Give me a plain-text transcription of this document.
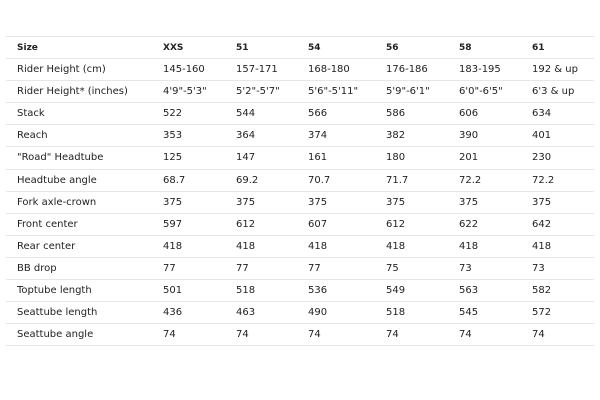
Size	XXS	51	54	56	58	61
Rider Height (cm)	145-160	157-171	168-180	176-186	183-195	192 & up
Rider Height* (inches)	4'9"-5'3"	5'2"-5'7"	5'6"-5'11"	5'9"-6'1"	6'0"-6'5"	6'3 & up
Stack	522	544	566	586	606	634
Reach	353	364	374	382	390	401
"Road" Headtube	125	147	161	180	201	230
Headtube angle	68.7	69.2	70.7	71.7	72.2	72.2
Fork axle-crown	375	375	375	375	375	375
Front center	597	612	607	612	622	642
Rear center	418	418	418	418	418	418
BB drop	77	77	77	75	73	73
Toptube length	501	518	536	549	563	582
Seattube length	436	463	490	518	545	572
Seattube angle	74	74	74	74	74	74
